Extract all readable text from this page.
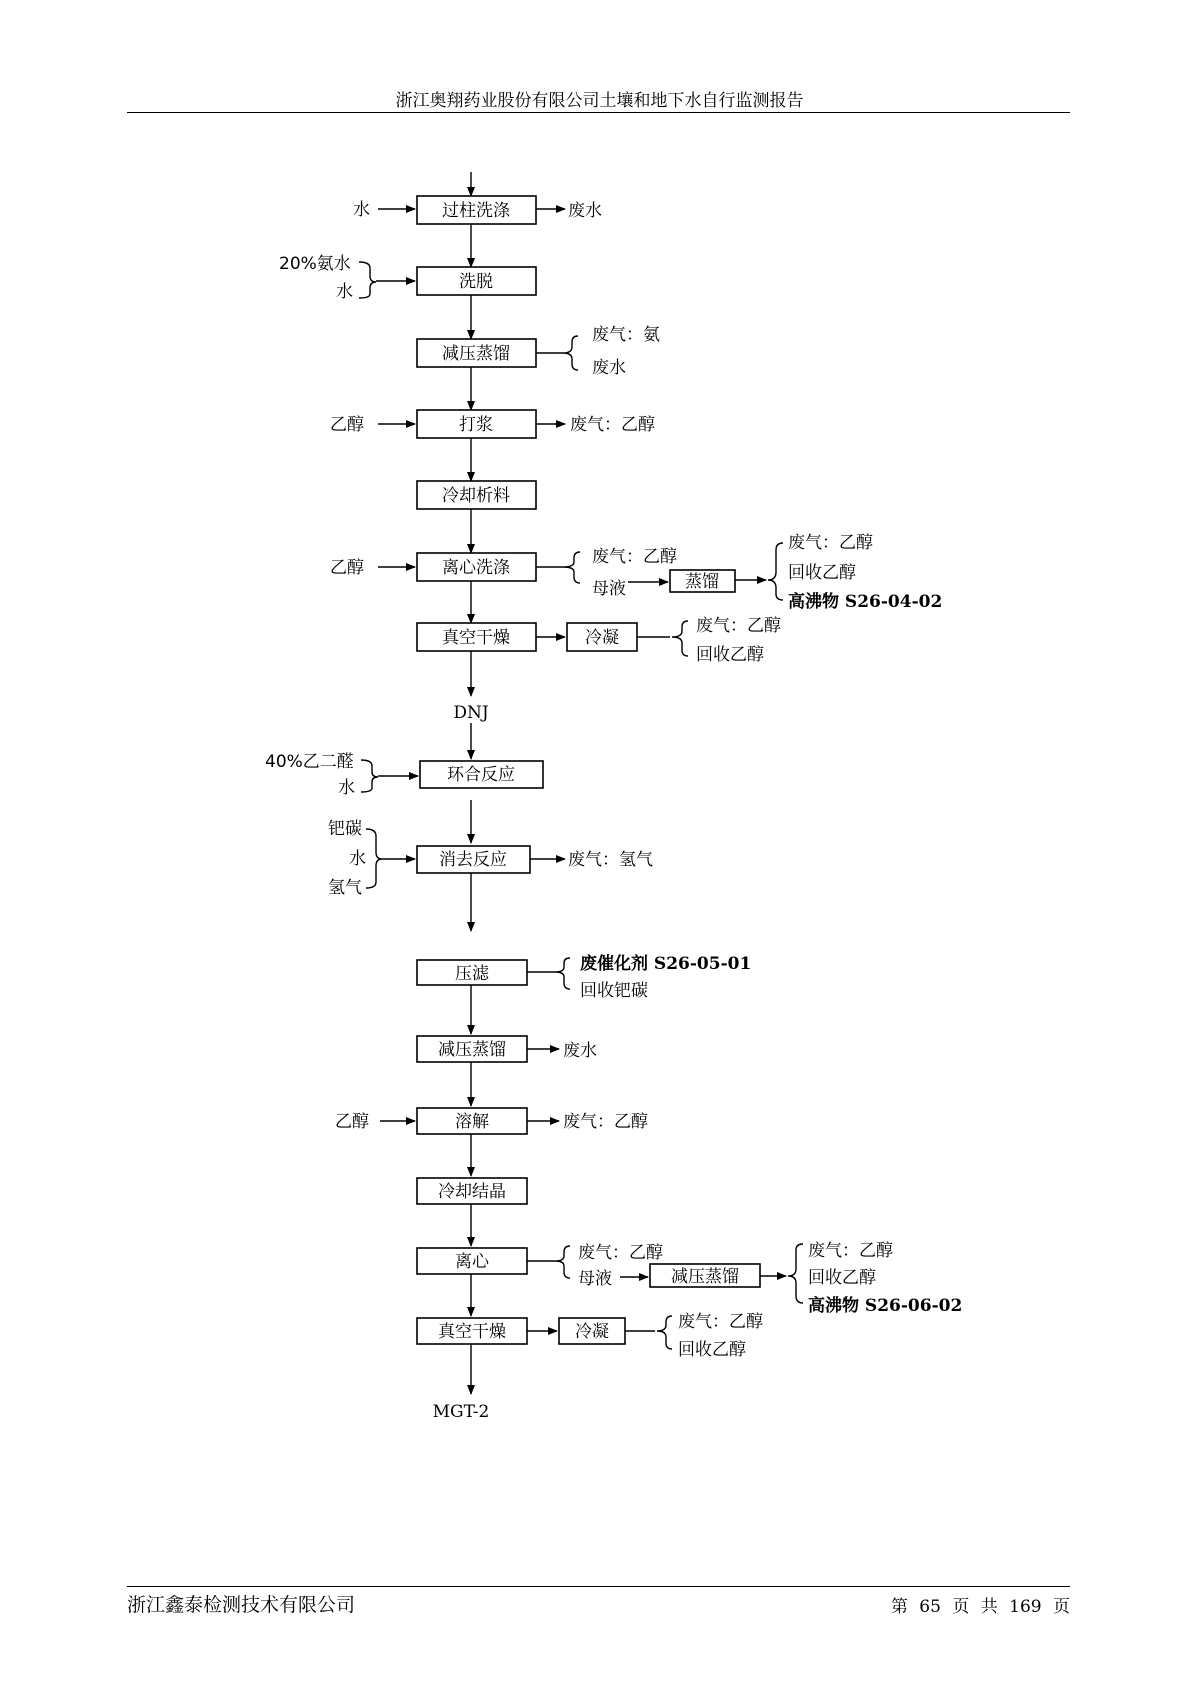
浙江奥翔药业股份有限公司土壤和地下水自行监测报告
过柱洗涤
洗脱
减压蒸馏
打浆
冷却析料
离心洗涤
蒸馏
真空干燥	冷凝
环合反应
消去反应
压滤
减压蒸馏
溶解
冷却结晶
离心
减压蒸馏
真空干燥	冷凝
水
20%氨水
水
乙醇
乙醇
40%乙二醛
水
钯碳
水
氢气
乙醇
废水
废气：氨
废水
废气：乙醇
废气：乙醇
母液
废气：乙醇
回收乙醇
高沸物 S26-04-02
废气：乙醇
回收乙醇
DNJ
废气：氢气
废催化剂 S26-05-01
回收钯碳
废水
废气：乙醇
废气：乙醇
母液
废气：乙醇
回收乙醇
高沸物 S26-06-02
废气：乙醇
回收乙醇
MGT-2
浙江鑫泰检测技术有限公司	第 65 页 共 169 页
